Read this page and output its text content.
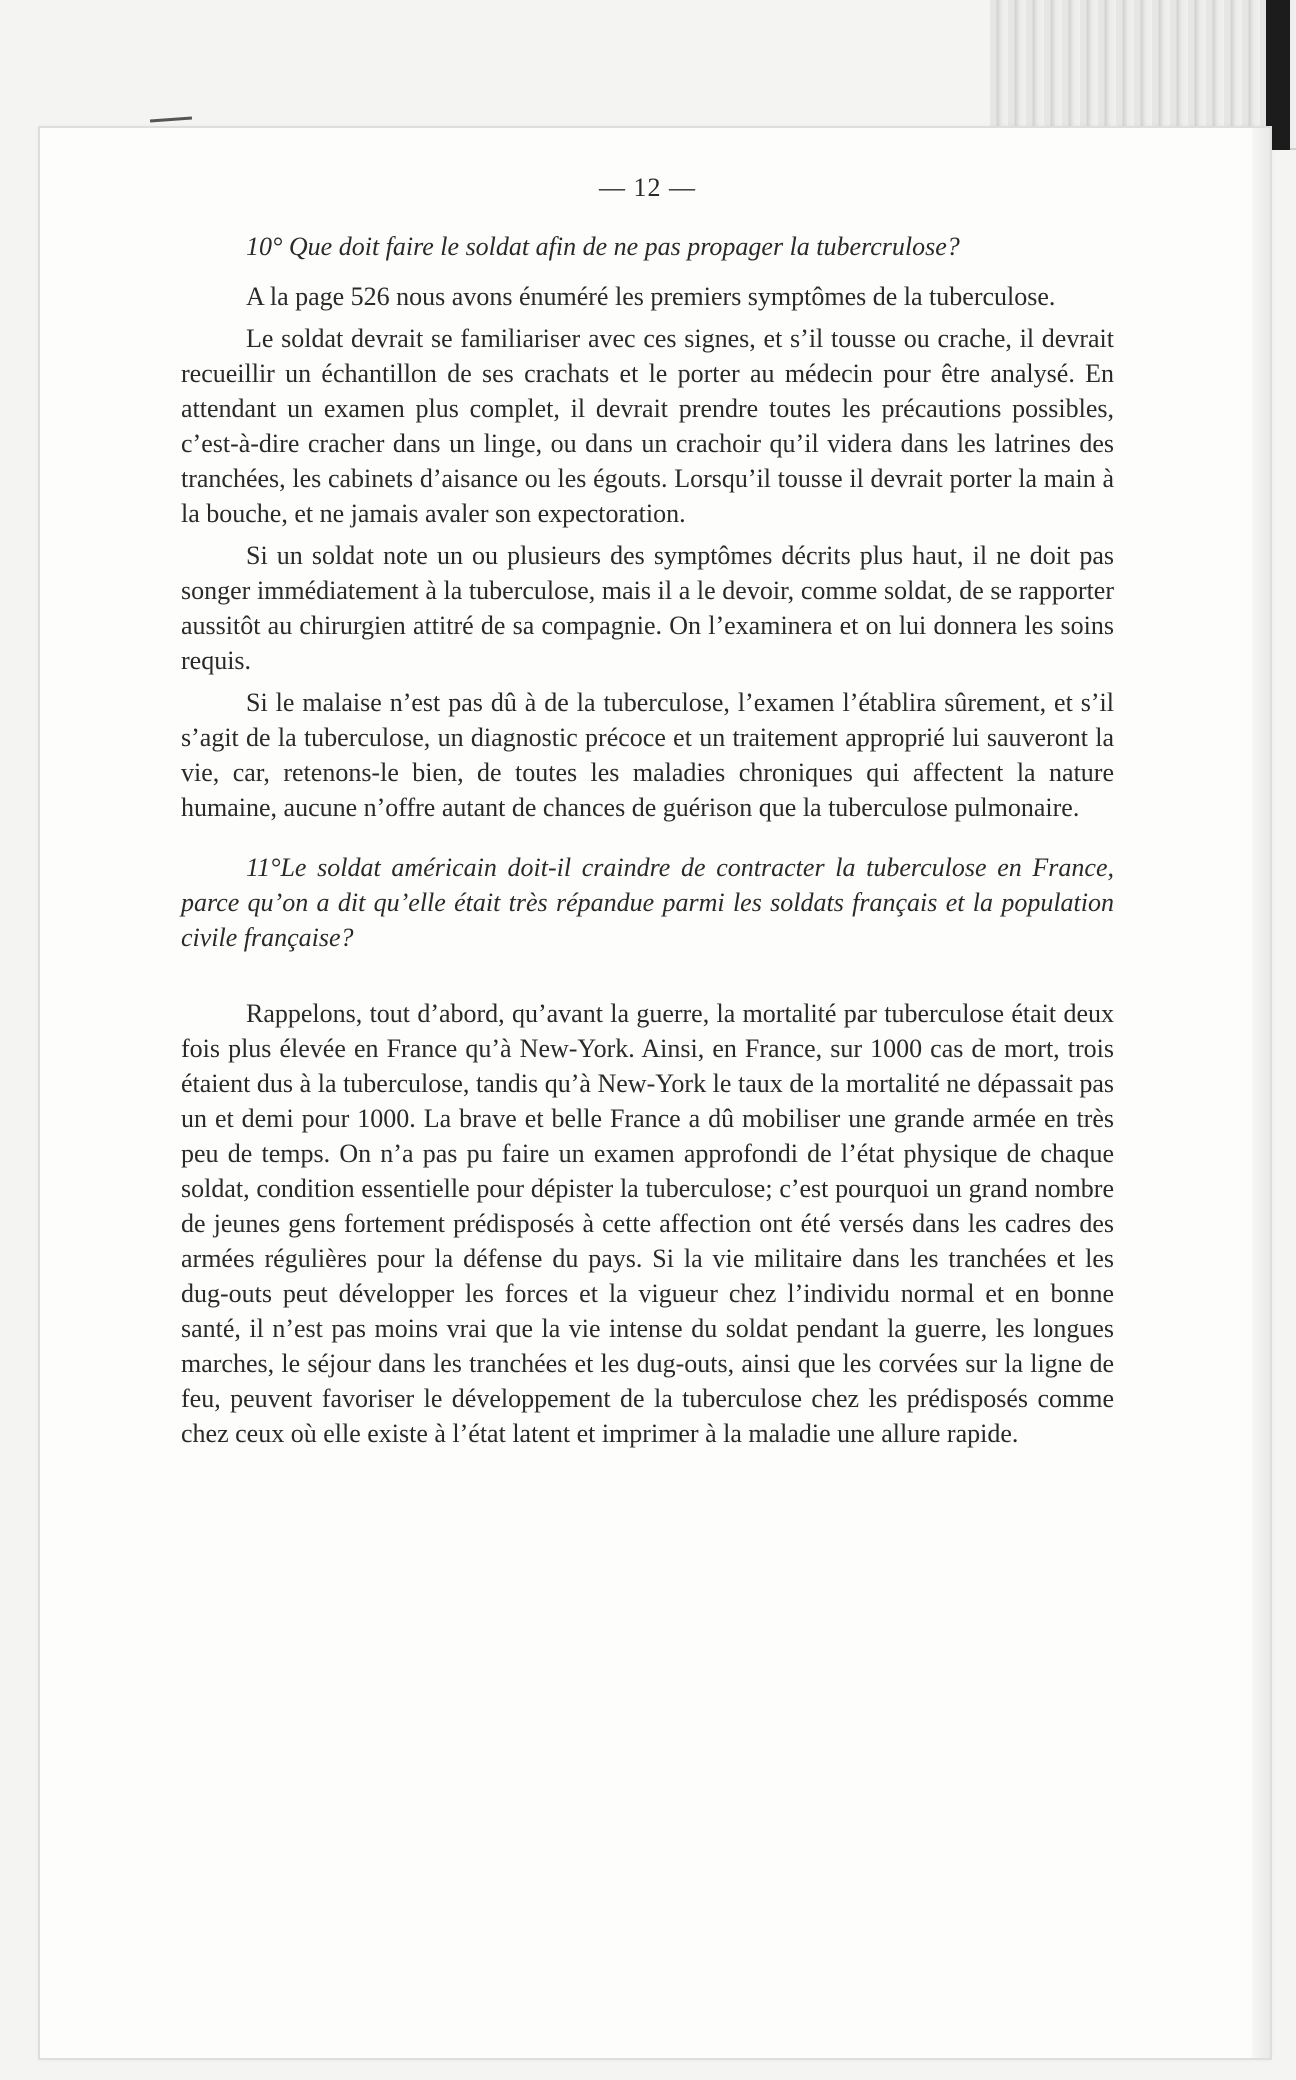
— 12 —

10° Que doit faire le soldat afin de ne pas propager la tubercrulose?

A la page 526 nous avons énuméré les premiers symptômes de la tuberculose.

Le soldat devrait se familiariser avec ces signes, et s’il tousse ou crache, il devrait recueillir un échantillon de ses crachats et le porter au médecin pour être analysé. En attendant un examen plus complet, il devrait prendre toutes les précautions possibles, c’est-à-dire cracher dans un linge, ou dans un crachoir qu’il videra dans les latrines des tranchées, les cabinets d’aisance ou les égouts. Lorsqu’il tousse il devrait porter la main à la bouche, et ne jamais avaler son expectoration.

Si un soldat note un ou plusieurs des symptômes décrits plus haut, il ne doit pas songer immédiatement à la tuberculose, mais il a le devoir, comme soldat, de se rapporter aussitôt au chirurgien attitré de sa compagnie. On l’examinera et on lui donnera les soins requis.

Si le malaise n’est pas dû à de la tuberculose, l’examen l’établira sûrement, et s’il s’agit de la tuberculose, un diagnostic précoce et un traitement approprié lui sauveront la vie, car, retenons-le bien, de toutes les maladies chroniques qui affectent la nature humaine, aucune n’offre autant de chances de guérison que la tuberculose pulmonaire.

11°Le soldat américain doit-il craindre de contracter la tuberculose en France, parce qu’on a dit qu’elle était très répandue parmi les soldats français et la population civile française?

Rappelons, tout d’abord, qu’avant la guerre, la mortalité par tuberculose était deux fois plus élevée en France qu’à New-York. Ainsi, en France, sur 1000 cas de mort, trois étaient dus à la tuberculose, tandis qu’à New-York le taux de la mortalité ne dépassait pas un et demi pour 1000. La brave et belle France a dû mobiliser une grande armée en très peu de temps. On n’a pas pu faire un examen approfondi de l’état physique de chaque soldat, condition essentielle pour dépister la tuberculose; c’est pourquoi un grand nombre de jeunes gens fortement prédisposés à cette affection ont été versés dans les cadres des armées régulières pour la défense du pays. Si la vie militaire dans les tranchées et les dug-outs peut développer les forces et la vigueur chez l’individu normal et en bonne santé, il n’est pas moins vrai que la vie intense du soldat pendant la guerre, les longues marches, le séjour dans les tranchées et les dug-outs, ainsi que les corvées sur la ligne de feu, peuvent favoriser le développement de la tuberculose chez les prédisposés comme chez ceux où elle existe à l’état latent et imprimer à la maladie une allure rapide.
